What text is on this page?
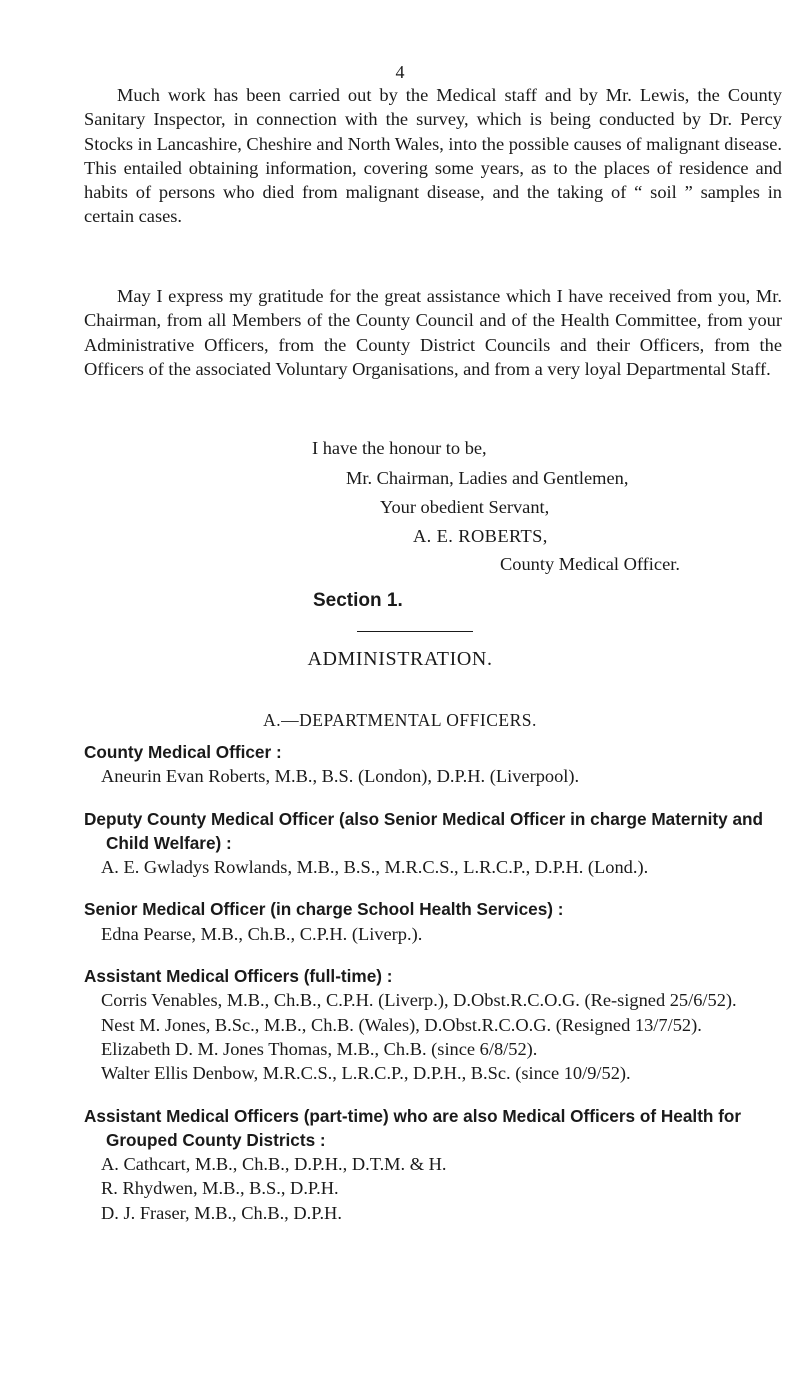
4

Much work has been carried out by the Medical staff and by Mr. Lewis, the County Sanitary Inspector, in connection with the survey, which is being conducted by Dr. Percy Stocks in Lancashire, Cheshire and North Wales, into the possible causes of malignant disease. This entailed obtaining information, covering some years, as to the places of residence and habits of persons who died from malignant disease, and the taking of “ soil ” samples in certain cases.

May I express my gratitude for the great assistance which I have received from you, Mr. Chairman, from all Members of the County Council and of the Health Committee, from your Administrative Officers, from the County District Councils and their Officers, from the Officers of the associated Voluntary Organisations, and from a very loyal Departmental Staff.

I have the honour to be,

Mr. Chairman, Ladies and Gentlemen,

Your obedient Servant,

A. E. ROBERTS,

County Medical Officer.

Section 1.
ADMINISTRATION.
A.—DEPARTMENTAL OFFICERS.
County Medical Officer :
Aneurin Evan Roberts, M.B., B.S. (London), D.P.H. (Liverpool).
Deputy County Medical Officer (also Senior Medical Officer in charge Maternity and Child Welfare) :
A. E. Gwladys Rowlands, M.B., B.S., M.R.C.S., L.R.C.P., D.P.H. (Lond.).
Senior Medical Officer (in charge School Health Services) :
Edna Pearse, M.B., Ch.B., C.P.H. (Liverp.).
Assistant Medical Officers (full-time) :
Corris Venables, M.B., Ch.B., C.P.H. (Liverp.), D.Obst.R.C.O.G. (Re-signed 25/6/52).
Nest M. Jones, B.Sc., M.B., Ch.B. (Wales), D.Obst.R.C.O.G. (Resigned 13/7/52).
Elizabeth D. M. Jones Thomas, M.B., Ch.B. (since 6/8/52).
Walter Ellis Denbow, M.R.C.S., L.R.C.P., D.P.H., B.Sc. (since 10/9/52).
Assistant Medical Officers (part-time) who are also Medical Officers of Health for Grouped County Districts :
A. Cathcart, M.B., Ch.B., D.P.H., D.T.M. & H.
R. Rhydwen, M.B., B.S., D.P.H.
D. J. Fraser, M.B., Ch.B., D.P.H.
